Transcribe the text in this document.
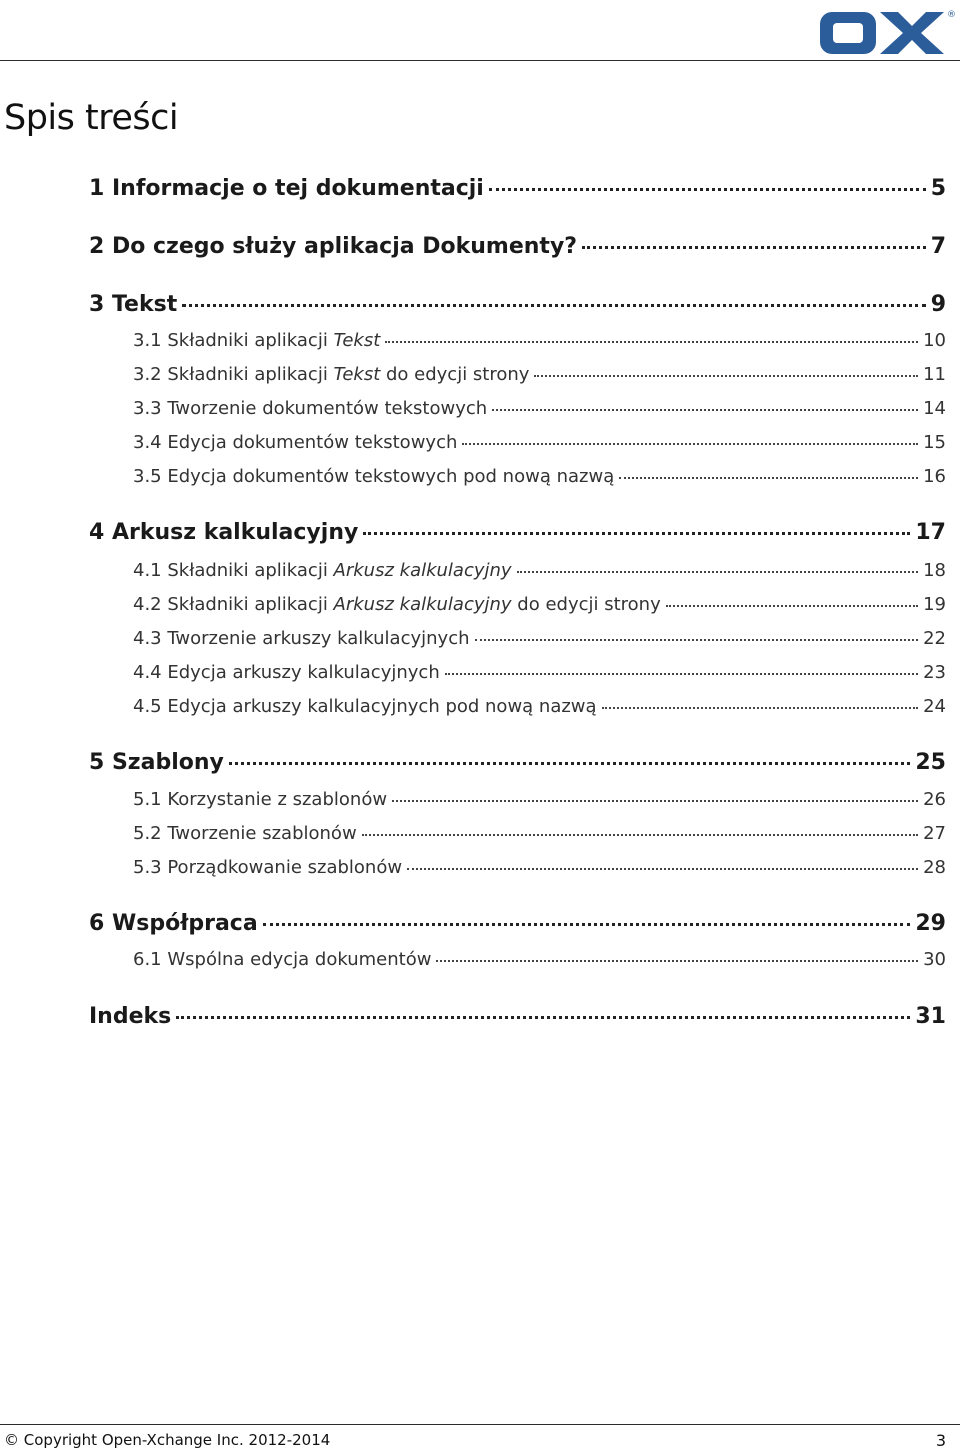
®
Spis treści
1 Informacje o tej dokumentacji	5
2 Do czego służy aplikacja Dokumenty?	7
3 Tekst	9
3.1 Składniki aplikacji Tekst	10
3.2 Składniki aplikacji Tekst do edycji strony	11
3.3 Tworzenie dokumentów tekstowych	14
3.4 Edycja dokumentów tekstowych	15
3.5 Edycja dokumentów tekstowych pod nową nazwą	16
4 Arkusz kalkulacyjny	17
4.1 Składniki aplikacji Arkusz kalkulacyjny	18
4.2 Składniki aplikacji Arkusz kalkulacyjny do edycji strony	19
4.3 Tworzenie arkuszy kalkulacyjnych	22
4.4 Edycja arkuszy kalkulacyjnych	23
4.5 Edycja arkuszy kalkulacyjnych pod nową nazwą	24
5 Szablony	25
5.1 Korzystanie z szablonów	26
5.2 Tworzenie szablonów	27
5.3 Porządkowanie szablonów	28
6 Współpraca	29
6.1 Wspólna edycja dokumentów	30
Indeks	31
© Copyright Open-Xchange Inc. 2012-2014	3
